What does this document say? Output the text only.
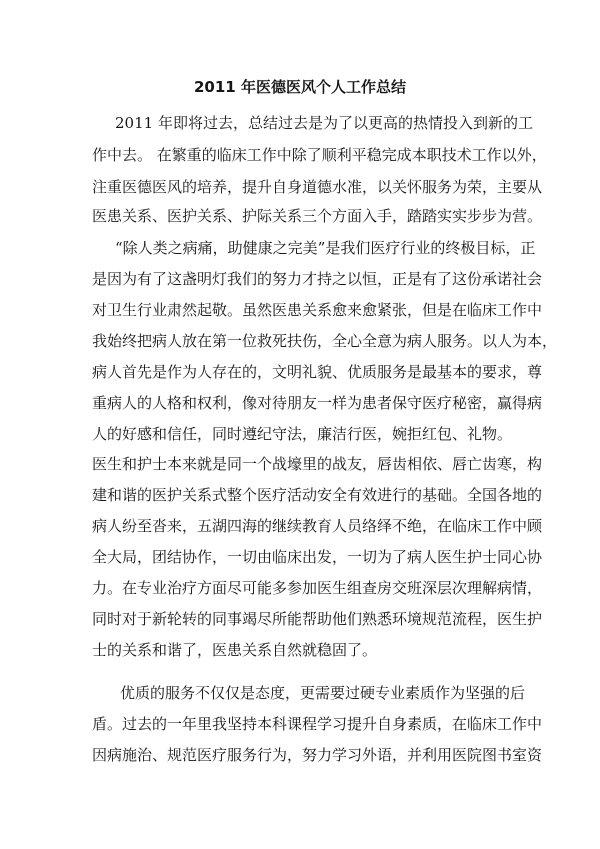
2011 年医德医风个人工作总结
2011 年即将过去，总结过去是为了以更高的热情投入到新的工
作中去。 在繁重的临床工作中除了顺利平稳完成本职技术工作以外，
注重医德医风的培养，提升自身道德水准，以关怀服务为荣，主要从
医患关系、医护关系、护际关系三个方面入手，踏踏实实步步为营。
“除人类之病痛，助健康之完美”是我们医疗行业的终极目标，正
是因为有了这盏明灯我们的努力才持之以恒，正是有了这份承诺社会
对卫生行业肃然起敬。虽然医患关系愈来愈紧张，但是在临床工作中
我始终把病人放在第一位救死扶伤，全心全意为病人服务。以人为本，
病人首先是作为人存在的，文明礼貌、优质服务是最基本的要求，尊
重病人的人格和权利，像对待朋友一样为患者保守医疗秘密，赢得病
人的好感和信任，同时遵纪守法，廉洁行医，婉拒红包、礼物。
医生和护士本来就是同一个战壕里的战友，唇齿相依、唇亡齿寒，构
建和谐的医护关系式整个医疗活动安全有效进行的基础。全国各地的
病人纷至沓来，五湖四海的继续教育人员络绎不绝，在临床工作中顾
全大局，团结协作，一切由临床出发，一切为了病人医生护士同心协
力。在专业治疗方面尽可能多参加医生组查房交班深层次理解病情，
同时对于新轮转的同事竭尽所能帮助他们熟悉环境规范流程，医生护
士的关系和谐了，医患关系自然就稳固了。
优质的服务不仅仅是态度，更需要过硬专业素质作为坚强的后
盾。过去的一年里我坚持本科课程学习提升自身素质，在临床工作中
因病施治、规范医疗服务行为，努力学习外语，并利用医院图书室资
